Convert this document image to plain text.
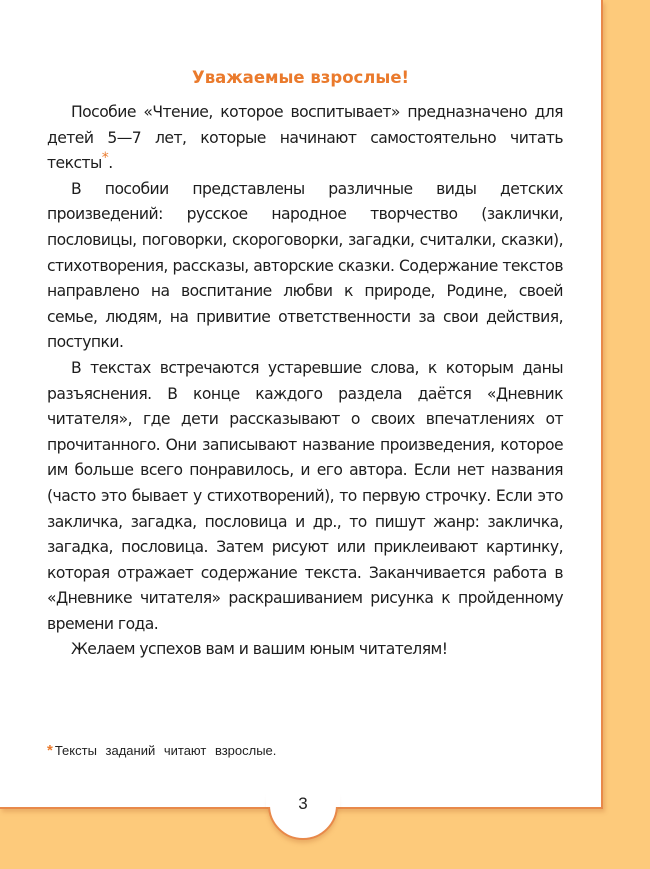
3
Уважаемые взрослые!

Пособие «Чтение, которое воспитывает» предназначено для детей 5—7 лет, которые начинают самостоятельно читать тексты*.

В пособии представлены различные виды детских произведений: русское народное творчество (заклички, пословицы, поговорки, скороговорки, загадки, считалки, сказки), стихотворения, рассказы, авторские сказки. Содержание текстов направлено на воспитание любви к природе, Родине, своей семье, людям, на привитие ответственности за свои действия, поступки.

В текстах встречаются устаревшие слова, к которым даны разъяснения. В конце каждого раздела даётся «Дневник читателя», где дети рассказывают о своих впечатлениях от прочитанного. Они записывают название произведения, которое им больше всего понравилось, и его автора. Если нет названия (часто это бывает у стихотворений), то первую строчку. Если это закличка, загадка, пословица и др., то пишут жанр: закличка, загадка, пословица. Затем рисуют или приклеивают картинку, которая отражает содержание текста. Заканчивается работа в «Дневнике читателя» раскрашиванием рисунка к пройденному времени года.

Желаем успехов вам и вашим юным читателям!

* Тексты заданий читают взрослые.
